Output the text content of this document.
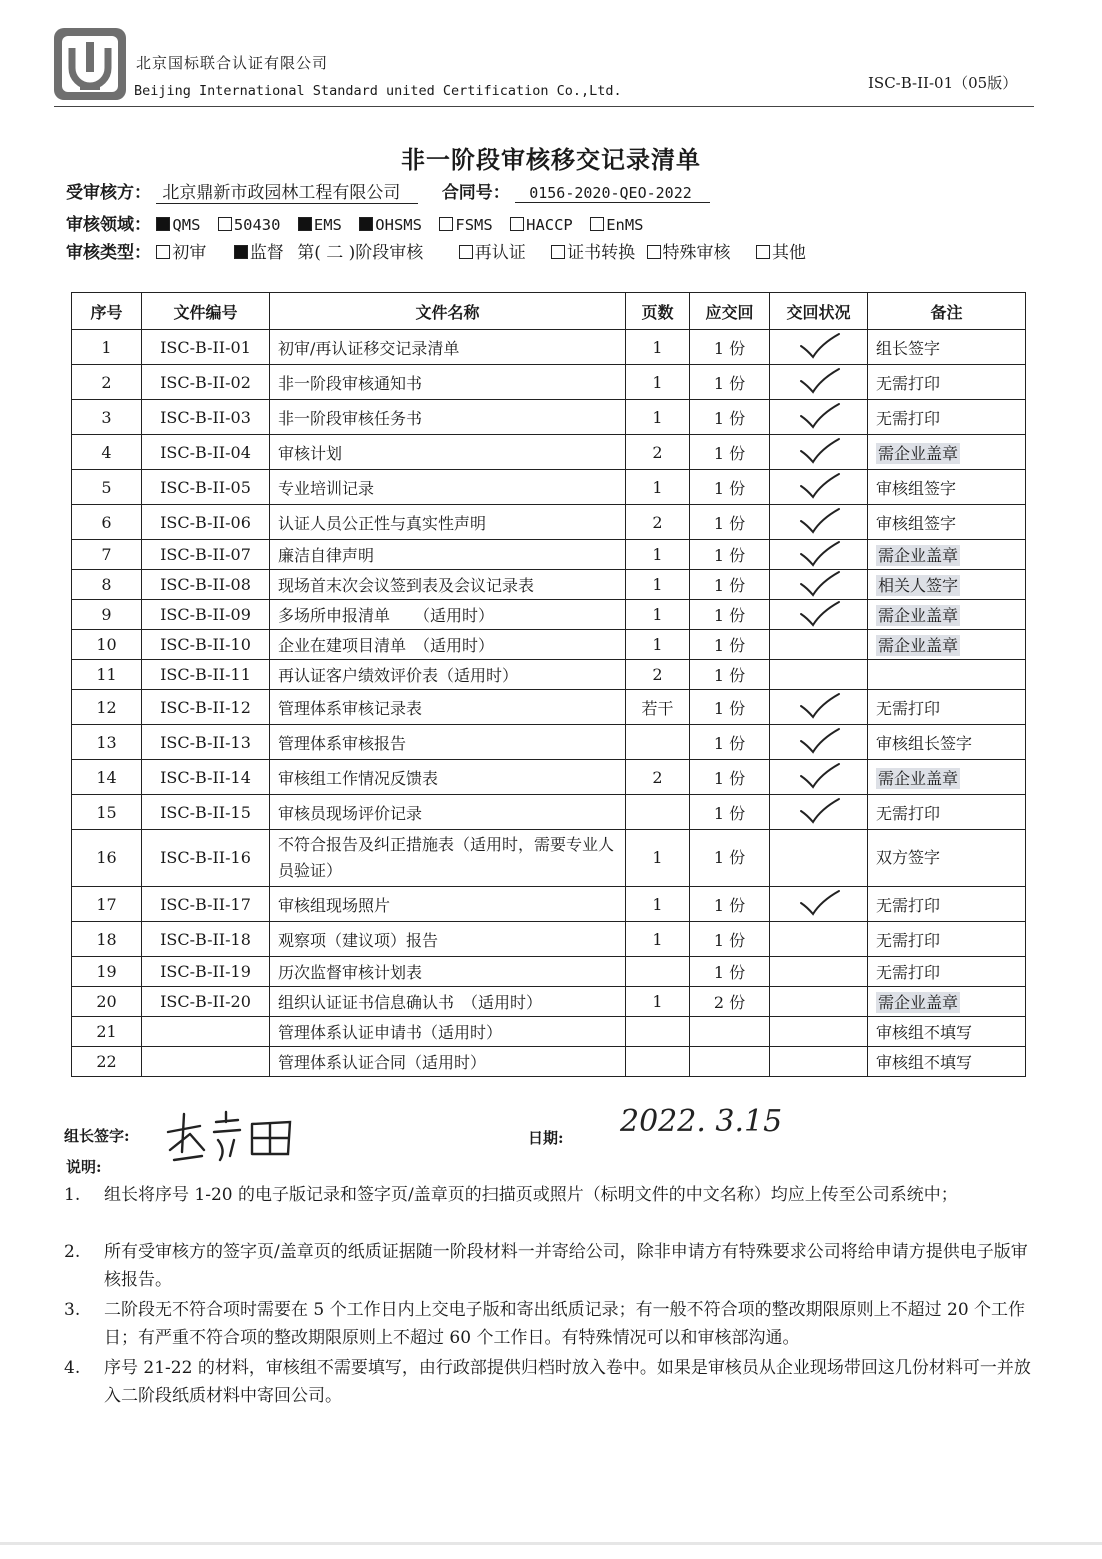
北京国标联合认证有限公司
Beijing International Standard united Certification Co.,Ltd.	ISC-B-II-01（05版）
非一阶段审核移交记录清单
受审核方： 北京鼎新市政园林工程有限公司 合同号： 0156-2020-QEO-2022
审核领域： QMS 50430 EMS OHSMS FSMS HACCP EnMS
审核类型： 初审	监督 第( 二 )阶段审核	再认证 证书转换 特殊审核 其他
序号	文件编号	文件名称	页数	应交回	交回状况	备注
1	ISC-B-II-01	初审/再认证移交记录清单	1	1 份		组长签字
2	ISC-B-II-02	非一阶段审核通知书	1	1 份		无需打印
3	ISC-B-II-03	非一阶段审核任务书	1	1 份		无需打印
4	ISC-B-II-04	审核计划	2	1 份		需企业盖章
5	ISC-B-II-05	专业培训记录	1	1 份		审核组签字
6	ISC-B-II-06	认证人员公正性与真实性声明	2	1 份		审核组签字
7	ISC-B-II-07	廉洁自律声明	1	1 份		需企业盖章
8	ISC-B-II-08	现场首末次会议签到表及会议记录表	1	1 份		相关人签字
9	ISC-B-II-09	多场所申报清单　　（适用时）	1	1 份		需企业盖章
10	ISC-B-II-10	企业在建项目清单　（适用时）	1	1 份		需企业盖章
11	ISC-B-II-11	再认证客户绩效评价表（适用时）	2	1 份		
12	ISC-B-II-12	管理体系审核记录表	若干	1 份		无需打印
13	ISC-B-II-13	管理体系审核报告		1 份		审核组长签字
14	ISC-B-II-14	审核组工作情况反馈表	2	1 份		需企业盖章
15	ISC-B-II-15	审核员现场评价记录		1 份		无需打印
16	ISC-B-II-16	不符合报告及纠正措施表（适用时，需要专业人员验证）	1	1 份		双方签字
17	ISC-B-II-17	审核组现场照片	1	1 份		无需打印
18	ISC-B-II-18	观察项（建议项）报告	1	1 份		无需打印
19	ISC-B-II-19	历次监督审核计划表		1 份		无需打印
20	ISC-B-II-20	组织认证证书信息确认书　（适用时）	1	2 份		需企业盖章
21		管理体系认证申请书（适用时）				审核组不填写
22		管理体系认证合同（适用时）				审核组不填写
组长签字:	日期: 2022. 3.15
说明:
1. 组长将序号 1-20 的电子版记录和签字页/盖章页的扫描页或照片（标明文件的中文名称）均应上传至公司系统中；
2. 所有受审核方的签字页/盖章页的纸质证据随一阶段材料一并寄给公司，除非申请方有特殊要求公司将给申请方提供电子版审核报告。
3. 二阶段无不符合项时需要在 5 个工作日内上交电子版和寄出纸质记录；有一般不符合项的整改期限原则上不超过 20 个工作日；有严重不符合项的整改期限原则上不超过 60 个工作日。有特殊情况可以和审核部沟通。
4. 序号 21-22 的材料，审核组不需要填写，由行政部提供归档时放入卷中。如果是审核员从企业现场带回这几份材料可一并放入二阶段纸质材料中寄回公司。
